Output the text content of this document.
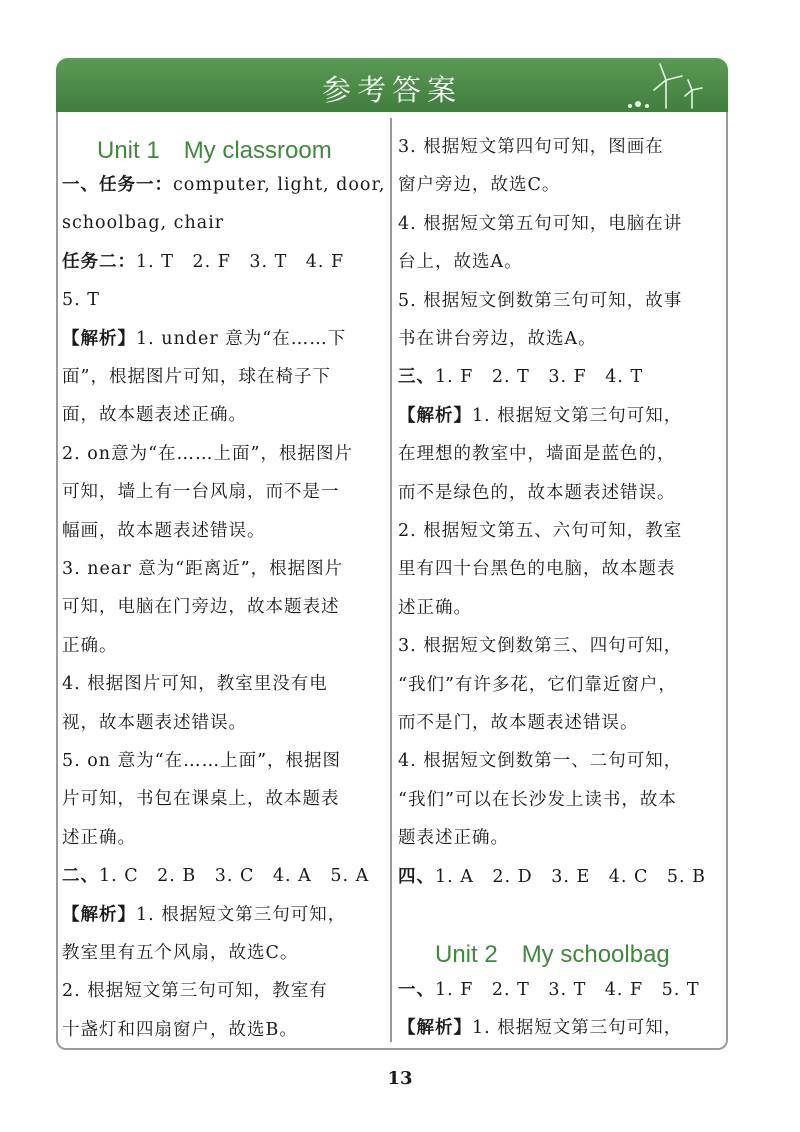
参考答案
Unit 1　My classroom
一、任务一：computer, light, door,
schoolbag, chair
任务二：1. T　2. F　3. T　4. F
5. T
【解析】1. under 意为“在……下
面”，根据图片可知，球在椅子下
面，故本题表述正确。
2. on意为“在……上面”，根据图片
可知，墙上有一台风扇，而不是一
幅画，故本题表述错误。
3. near 意为“距离近”，根据图片
可知，电脑在门旁边，故本题表述
正确。
4. 根据图片可知，教室里没有电
视，故本题表述错误。
5. on 意为“在……上面”，根据图
片可知，书包在课桌上，故本题表
述正确。
二、1. C　2. B　3. C　4. A　5. A
【解析】1. 根据短文第三句可知，
教室里有五个风扇，故选C。
2. 根据短文第三句可知，教室有
十盏灯和四扇窗户，故选B。
3. 根据短文第四句可知，图画在
窗户旁边，故选C。
4. 根据短文第五句可知，电脑在讲
台上，故选A。
5. 根据短文倒数第三句可知，故事
书在讲台旁边，故选A。
三、1. F　2. T　3. F　4. T
【解析】1. 根据短文第三句可知，
在理想的教室中，墙面是蓝色的，
而不是绿色的，故本题表述错误。
2. 根据短文第五、六句可知，教室
里有四十台黑色的电脑，故本题表
述正确。
3. 根据短文倒数第三、四句可知，
“我们”有许多花，它们靠近窗户，
而不是门，故本题表述错误。
4. 根据短文倒数第一、二句可知，
“我们”可以在长沙发上读书，故本
题表述正确。
四、1. A　2. D　3. E　4. C　5. B
Unit 2　My schoolbag
一、1. F　2. T　3. T　4. F　5. T
【解析】1. 根据短文第三句可知，
13
